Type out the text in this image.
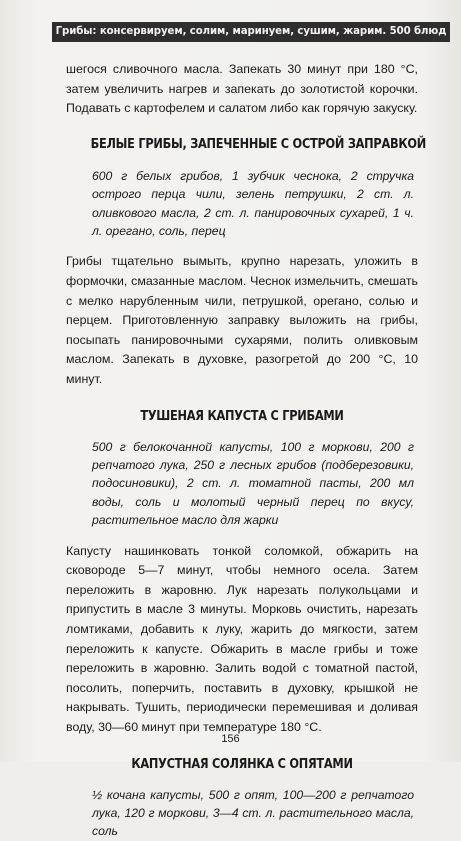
Грибы: консервируем, солим, маринуем, сушим, жарим. 500 блюд

шегося сливочного масла. Запекать 30 минут при 180 °С, затем увеличить нагрев и запекать до золотистой корочки. Подавать с картофелем и салатом либо как горячую закуску.

БЕЛЫЕ ГРИБЫ, ЗАПЕЧЕННЫЕ С ОСТРОЙ ЗАПРАВКОЙ

600 г белых грибов, 1 зубчик чеснока, 2 стручка острого перца чили, зелень петрушки, 2 ст. л. оливкового масла, 2 ст. л. панировочных сухарей, 1 ч. л. орегано, соль, перец

Грибы тщательно вымыть, крупно нарезать, уложить в формочки, смазанные маслом. Чеснок измельчить, смешать с мелко нарубленным чили, петрушкой, орегано, солью и перцем. Приготовленную заправку выложить на грибы, посыпать панировочными сухарями, полить оливковым маслом. Запекать в духовке, разогретой до 200 °С, 10 минут.

ТУШЕНАЯ КАПУСТА С ГРИБАМИ

500 г белокочанной капусты, 100 г моркови, 200 г репчатого лука, 250 г лесных грибов (подберезовики, подосиновики), 2 ст. л. томатной пасты, 200 мл воды, соль и молотый черный перец по вкусу, растительное масло для жарки

Капусту нашинковать тонкой соломкой, обжарить на сковороде 5—7 минут, чтобы немного осела. Затем переложить в жаровню. Лук нарезать полукольцами и припустить в масле 3 минуты. Морковь очистить, нарезать ломтиками, добавить к луку, жарить до мягкости, затем переложить к капусте. Обжарить в масле грибы и тоже переложить в жаровню. Залить водой с томатной пастой, посолить, поперчить, поставить в духовку, крышкой не накрывать. Тушить, периодически перемешивая и доливая воду, 30—60 минут при температуре 180 °С.

КАПУСТНАЯ СОЛЯНКА С ОПЯТАМИ

½ кочана капусты, 500 г опят, 100—200 г репчатого лука, 120 г моркови, 3—4 ст. л. растительного масла, соль

156
